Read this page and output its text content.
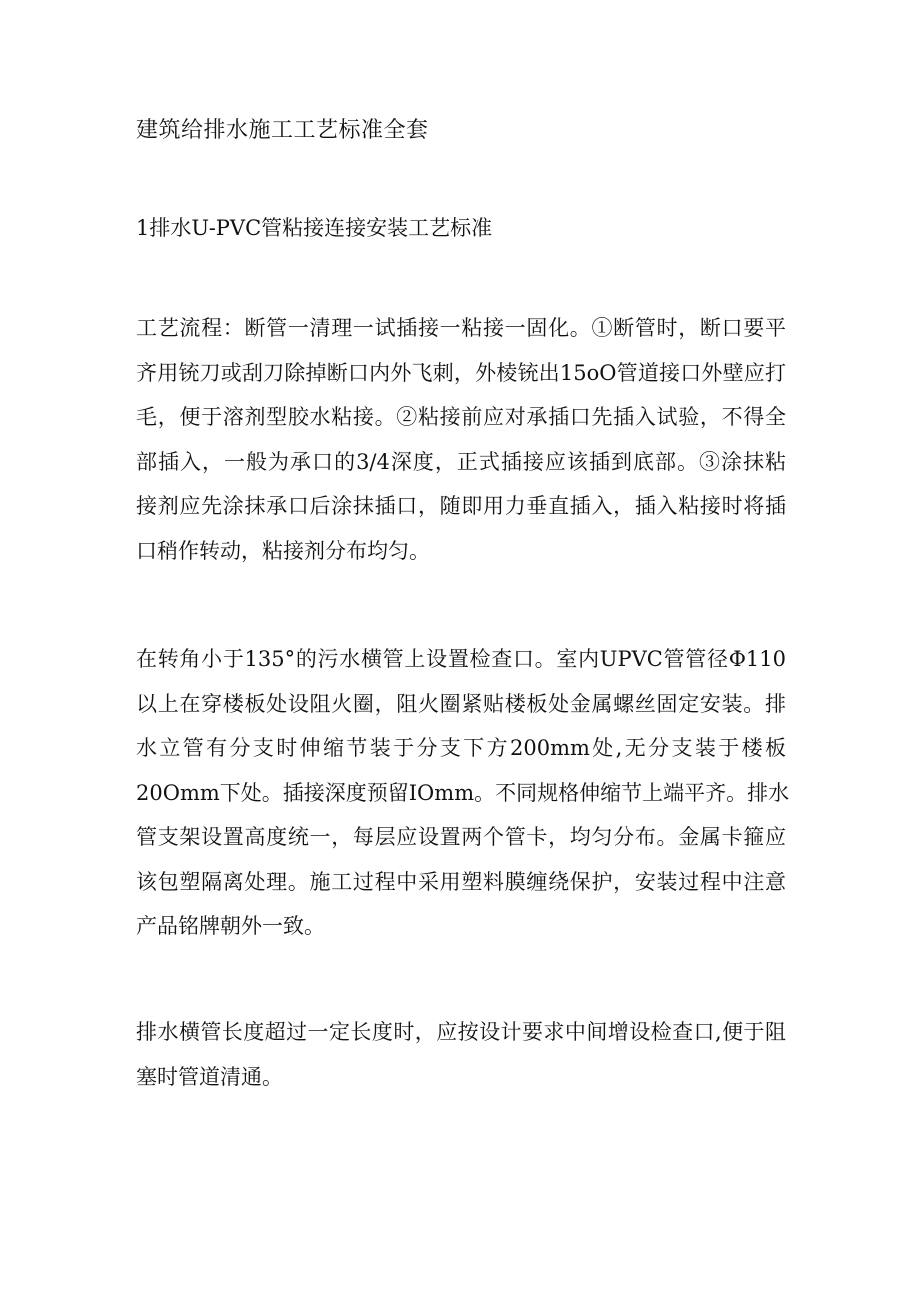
建筑给排水施工工艺标准全套
1排水U-PVC管粘接连接安装工艺标准

工艺流程：断管一清理一试插接一粘接一固化。①断管时，断口要平
齐用铳刀或刮刀除掉断口内外飞刺，外棱铳出15oO管道接口外壁应打
毛，便于溶剂型胶水粘接。②粘接前应对承插口先插入试验，不得全
部插入，一般为承口的3/4深度，正式插接应该插到底部。③涂抹粘
接剂应先涂抹承口后涂抹插口，随即用力垂直插入，插入粘接时将插
口稍作转动，粘接剂分布均匀。

在转角小于135°的污水横管上设置检查口。室内UPVC管管径Φ110
以上在穿楼板处设阻火圈，阻火圈紧贴楼板处金属螺丝固定安装。排
水立管有分支时伸缩节装于分支下方200mm处,无分支装于楼板
20Omm下处。插接深度预留IOmm。不同规格伸缩节上端平齐。排水
管支架设置高度统一，每层应设置两个管卡，均匀分布。金属卡箍应
该包塑隔离处理。施工过程中采用塑料膜缠绕保护，安装过程中注意
产品铭牌朝外一致。

排水横管长度超过一定长度时，应按设计要求中间增设检查口,便于阻
塞时管道清通。
